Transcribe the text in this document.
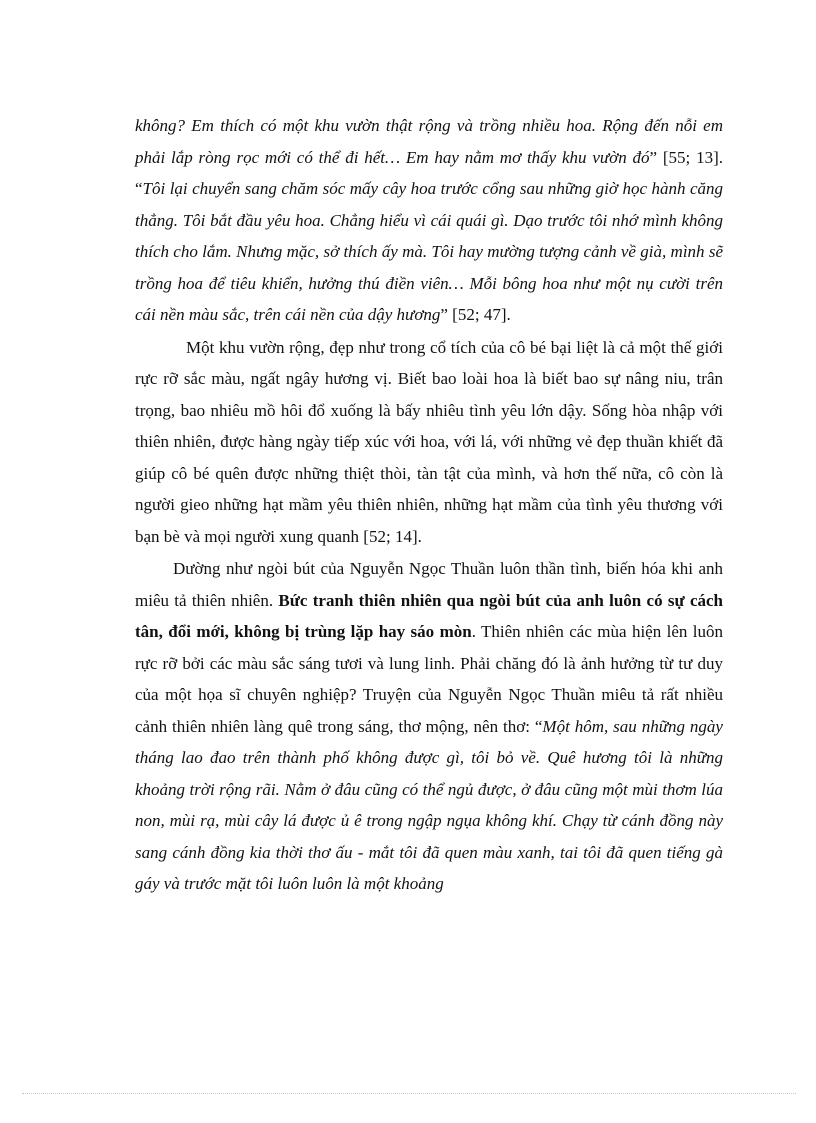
không? Em thích có một khu vườn thật rộng và trồng nhiều hoa. Rộng đến nỗi em phải lắp ròng rọc mới có thể đi hết… Em hay nằm mơ thấy khu vườn đó” [55; 13]. “Tôi lại chuyển sang chăm sóc mấy cây hoa trước cổng sau những giờ học hành căng thẳng. Tôi bắt đầu yêu hoa. Chẳng hiểu vì cái quái gì. Dạo trước tôi nhớ mình không thích cho lắm. Nhưng mặc, sở thích ấy mà. Tôi hay mường tượng cảnh về già, mình sẽ trồng hoa để tiêu khiển, hưởng thú điền viên… Mỗi bông hoa như một nụ cười trên cái nền màu sắc, trên cái nền của dậy hương” [52; 47].

Một khu vườn rộng, đẹp như trong cổ tích của cô bé bại liệt là cả một thế giới rực rỡ sắc màu, ngất ngây hương vị. Biết bao loài hoa là biết bao sự nâng niu, trân trọng, bao nhiêu mồ hôi đổ xuống là bấy nhiêu tình yêu lớn dậy. Sống hòa nhập với thiên nhiên, được hàng ngày tiếp xúc với hoa, với lá, với những vẻ đẹp thuần khiết đã giúp cô bé quên được những thiệt thòi, tàn tật của mình, và hơn thế nữa, cô còn là người gieo những hạt mầm yêu thiên nhiên, những hạt mầm của tình yêu thương với bạn bè và mọi người xung quanh [52; 14].

Dường như ngòi bút của Nguyễn Ngọc Thuần luôn thần tình, biến hóa khi anh miêu tả thiên nhiên. Bức tranh thiên nhiên qua ngòi bút của anh luôn có sự cách tân, đổi mới, không bị trùng lặp hay sáo mòn. Thiên nhiên các mùa hiện lên luôn rực rỡ bởi các màu sắc sáng tươi và lung linh. Phải chăng đó là ảnh hưởng từ tư duy của một họa sĩ chuyên nghiệp? Truyện của Nguyễn Ngọc Thuần miêu tả rất nhiều cảnh thiên nhiên làng quê trong sáng, thơ mộng, nên thơ: “Một hôm, sau những ngày tháng lao đao trên thành phố không được gì, tôi bỏ về. Quê hương tôi là những khoảng trời rộng rãi. Nằm ở đâu cũng có thể ngủ được, ở đâu cũng một mùi thơm lúa non, mùi rạ, mùi cây lá được ủ ê trong ngập ngụa không khí. Chạy từ cánh đồng này sang cánh đồng kia thời thơ ấu - mắt tôi đã quen màu xanh, tai tôi đã quen tiếng gà gáy và trước mặt tôi luôn luôn là một khoảng
